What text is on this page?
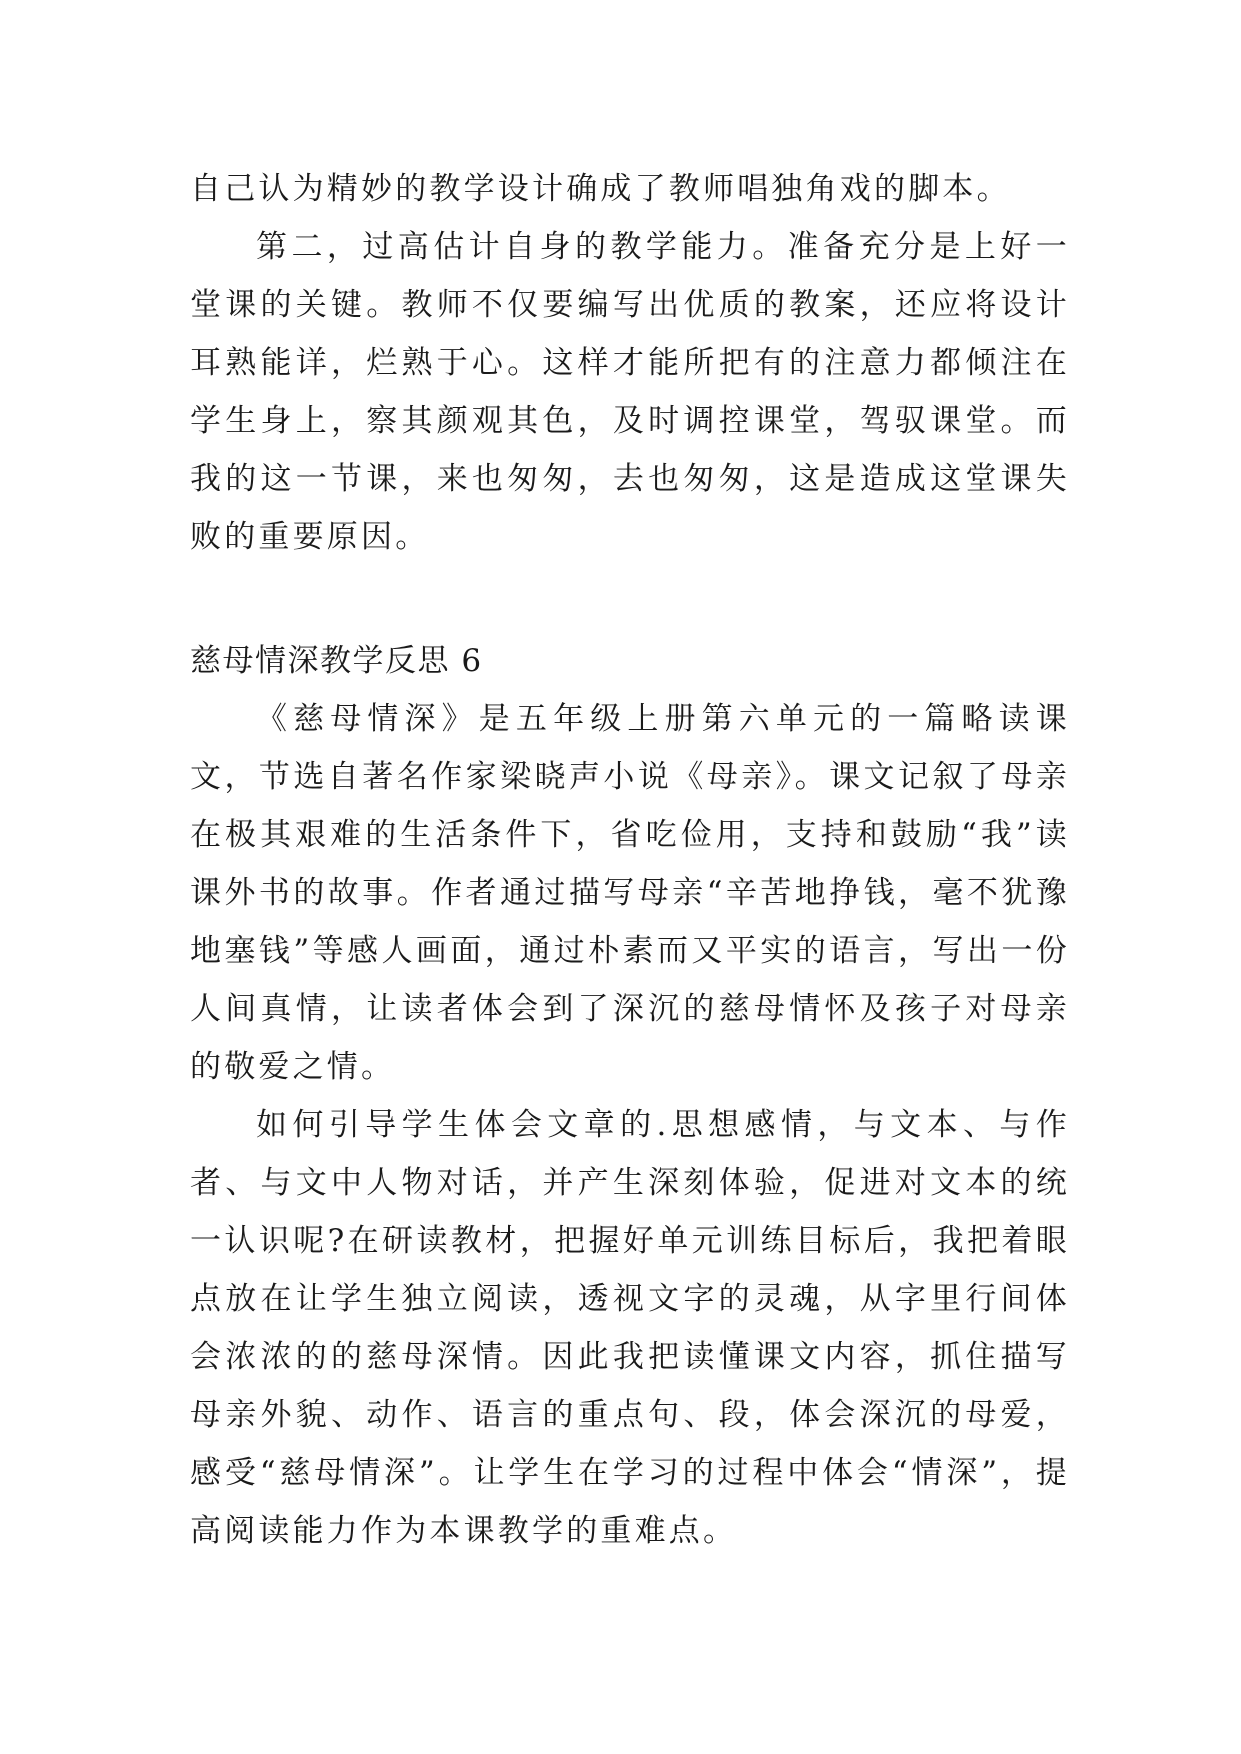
自己认为精妙的教学设计确成了教师唱独角戏的脚本。

第二，过高估计自身的教学能力。准备充分是上好一堂课的关键。教师不仅要编写出优质的教案，还应将设计耳熟能详，烂熟于心。这样才能所把有的注意力都倾注在学生身上，察其颜观其色，及时调控课堂，驾驭课堂。而我的这一节课，来也匆匆，去也匆匆，这是造成这堂课失败的重要原因。

慈母情深教学反思 6

《慈母情深》是五年级上册第六单元的一篇略读课文，节选自著名作家梁晓声小说《母亲》。课文记叙了母亲在极其艰难的生活条件下，省吃俭用，支持和鼓励“我”读课外书的故事。作者通过描写母亲“辛苦地挣钱，毫不犹豫地塞钱”等感人画面，通过朴素而又平实的语言，写出一份人间真情，让读者体会到了深沉的慈母情怀及孩子对母亲的敬爱之情。

如何引导学生体会文章的.思想感情，与文本、与作者、与文中人物对话，并产生深刻体验，促进对文本的统一认识呢?在研读教材，把握好单元训练目标后，我把着眼点放在让学生独立阅读，透视文字的灵魂，从字里行间体会浓浓的的慈母深情。因此我把读懂课文内容，抓住描写母亲外貌、动作、语言的重点句、段，体会深沉的母爱，感受“慈母情深”。让学生在学习的过程中体会“情深”，提高阅读能力作为本课教学的重难点。
